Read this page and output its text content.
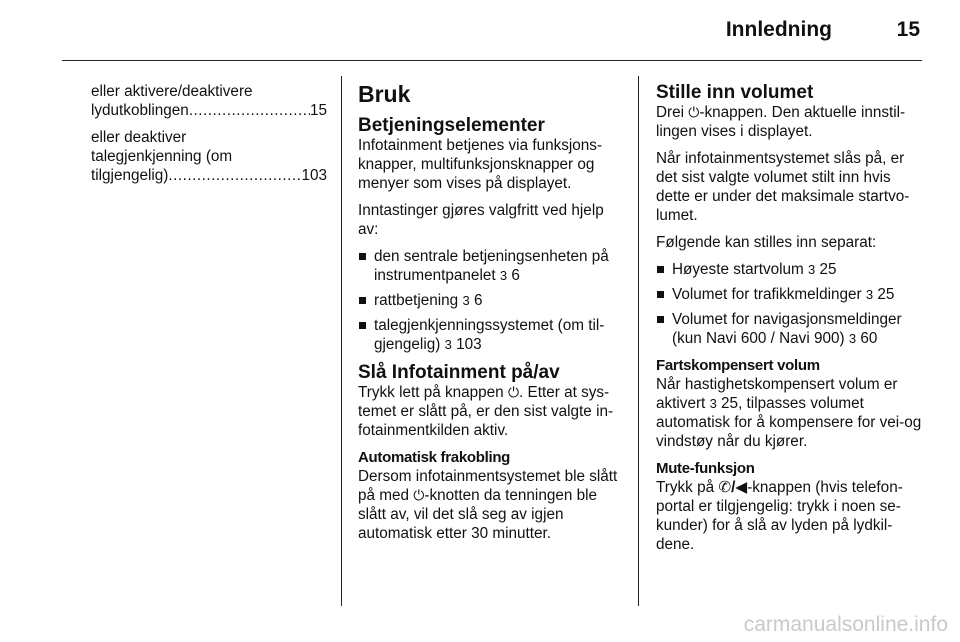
Innledning	15

eller aktivere/deaktivere
lydutkoblingen .....	15

eller deaktiver
talegjenkjenning (om
tilgjengelig) .....	103

Bruk
Betjeningselementer

Infotainment betjenes via funksjons-knapper, multifunksjonsknapper og menyer som vises på displayet.

Inntastinger gjøres valgfritt ved hjelp av:

den sentrale betjeningsenheten på instrumentpanelet 3 6
rattbetjening 3 6
talegjenkjenningssystemet (om til-gjengelig) 3 103
Slå Infotainment på/av

Trykk lett på knappen ⏻. Etter at sys-temet er slått på, er den sist valgte in-fotainmentkilden aktiv.

Automatisk frakobling

Dersom infotainmentsystemet ble slått på med ⏻-knotten da tenningen ble slått av, vil det slå seg av igjen automatisk etter 30 minutter.

Stille inn volumet

Drei ⏻-knappen. Den aktuelle innstil-lingen vises i displayet.

Når infotainmentsystemet slås på, er det sist valgte volumet stilt inn hvis dette er under det maksimale startvo-lumet.

Følgende kan stilles inn separat:

Høyeste startvolum 3 25
Volumet for trafikkmeldinger 3 25
Volumet for navigasjonsmeldinger (kun Navi 600 / Navi 900) 3 60
Fartskompensert volum

Når hastighetskompensert volum er aktivert 3 25, tilpasses volumet automatisk for å kompensere for vei-og vindstøy når du kjører.

Mute-funksjon

Trykk på ✆/◀-knappen (hvis telefon-portal er tilgjengelig: trykk i noen se-kunder) for å slå av lyden på lydkil-dene.

carmanualsonline.info
